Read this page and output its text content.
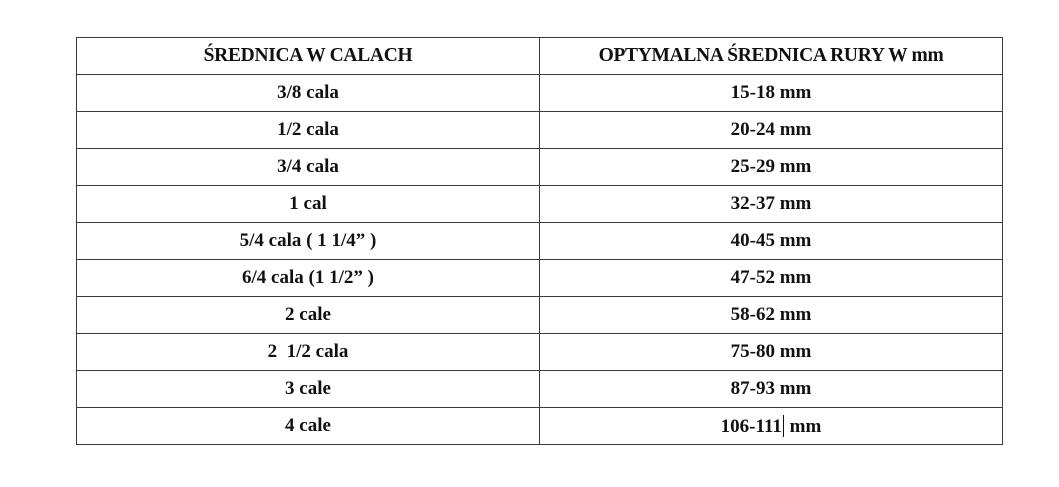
ŚREDNICA W CALACH	OPTYMALNA ŚREDNICA RURY W mm
3/8 cala	15-18 mm
1/2 cala	20-24 mm
3/4 cala	25-29 mm
1 cal	32-37 mm
5/4 cala ( 1 1/4” )	40-45 mm
6/4 cala (1 1/2” )	47-52 mm
2 cale	58-62 mm
2  1/2 cala	75-80 mm
3 cale	87-93 mm
4 cale	106-111 mm
